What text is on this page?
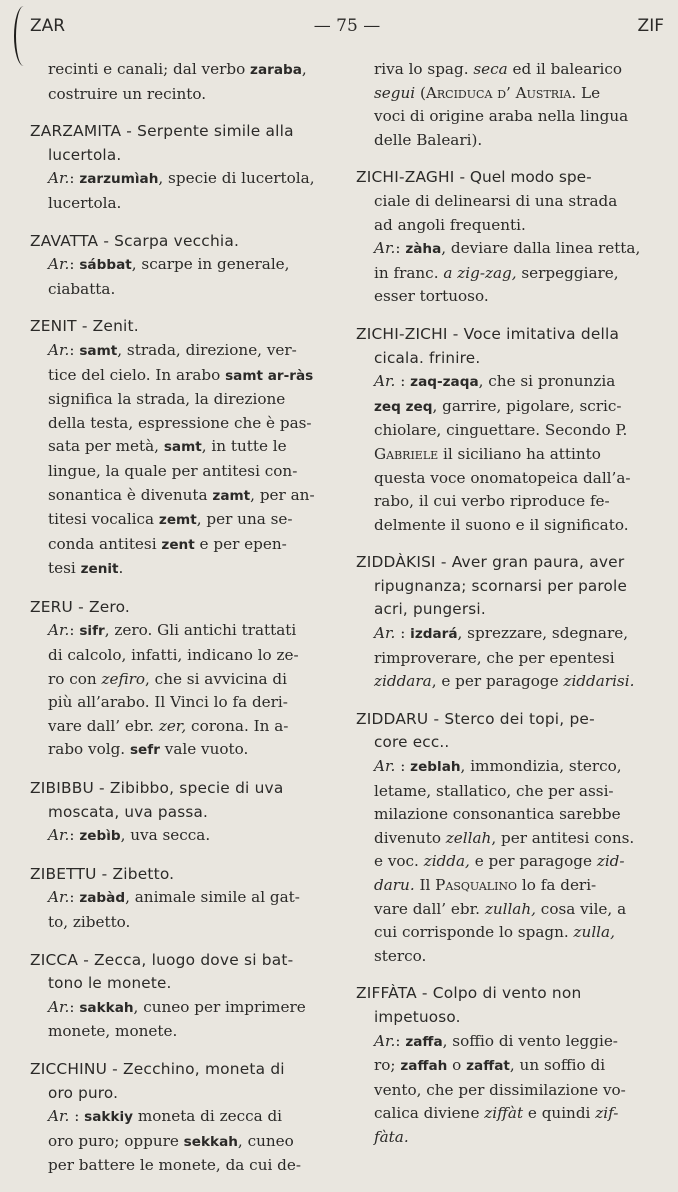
ZAR	— 75 —	ZIF

recinti e canali; dal verbo zaraba,

costruire un recinto.

ZARZAMITA - Serpente simile alla

lucertola.

Ar.: zarzumìah, specie di lucertola,

lucertola.

ZAVATTA - Scarpa vecchia.

Ar.: sábbat, scarpe in generale,

ciabatta.

ZENIT - Zenit.

Ar.: samt, strada, direzione, ver-

tice del cielo. In arabo samt ar-ràs

significa la strada, la direzione

della testa, espressione che è pas-

sata per metà, samt, in tutte le

lingue, la quale per antitesi con-

sonantica è divenuta zamt, per an-

titesi vocalica zemt, per una se-

conda antitesi zent e per epen-

tesi zenit.

ZERU - Zero.

Ar.: sifr, zero. Gli antichi trattati

di calcolo, infatti, indicano lo ze-

ro con zefiro, che si avvicina di

più all’arabo. Il Vinci lo fa deri-

vare dall’ ebr. zer, corona. In a-

rabo volg. sefr vale vuoto.

ZIBIBBU - Zibibbo, specie di uva

moscata, uva passa.

Ar.: zebìb, uva secca.

ZIBETTU - Zibetto.

Ar.: zabàd, animale simile al gat-

to, zibetto.

ZICCA - Zecca, luogo dove si bat-

tono le monete.

Ar.: sakkah, cuneo per imprimere

monete, monete.

ZICCHINU - Zecchino, moneta di

oro puro.

Ar. : sakkiy moneta di zecca di

oro puro; oppure sekkah, cuneo

per battere le monete, da cui de-

riva lo spag. seca ed il balearico

segui (Arciduca d’ Austria. Le

voci di origine araba nella lingua

delle Baleari).

ZICHI-ZAGHI - Quel modo spe-

ciale di delinearsi di una strada

ad angoli frequenti.

Ar.: zàha, deviare dalla linea retta,

in franc. a zig-zag, serpeggiare,

esser tortuoso.

ZICHI-ZICHI - Voce imitativa della

cicala. frinire.

Ar. : zaq-zaqa, che si pronunzia

zeq zeq, garrire, pigolare, scric-

chiolare, cinguettare. Secondo P.

Gabriele il siciliano ha attinto

questa voce onomatopeica dall’a-

rabo, il cui verbo riproduce fe-

delmente il suono e il significato.

ZIDDÀKISI - Aver gran paura, aver

ripugnanza; scornarsi per parole

acri, pungersi.

Ar. : izdará, sprezzare, sdegnare,

rimproverare, che per epentesi

ziddara, e per paragoge ziddarisi.

ZIDDARU - Sterco dei topi, pe-

core ecc..

Ar. : zeblah, immondizia, sterco,

letame, stallatico, che per assi-

milazione consonantica sarebbe

divenuto zellah, per antitesi cons.

e voc. zidda, e per paragoge zid-

daru. Il Pasqualino lo fa deri-

vare dall’ ebr. zullah, cosa vile, a

cui corrisponde lo spagn. zulla,

sterco.

ZIFFÀTA - Colpo di vento non

impetuoso.

Ar.: zaffa, soffio di vento leggie-

ro; zaffah o zaffat, un soffio di

vento, che per dissimilazione vo-

calica diviene ziffàt e quindi zif-

fàta.
